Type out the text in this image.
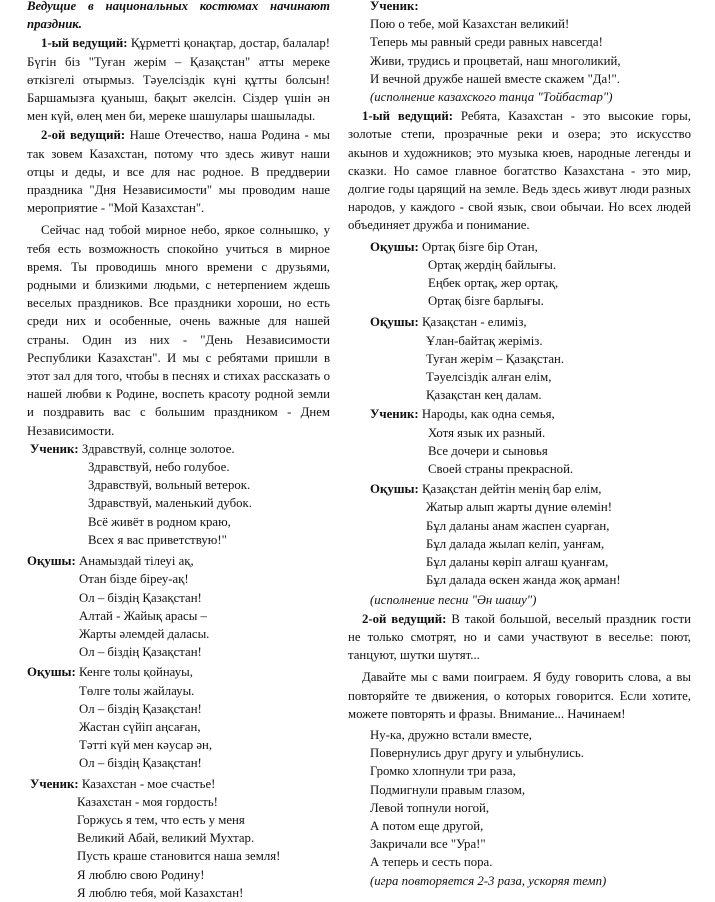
Ведущие в национальных костюмах начинают праздник.

1-ый ведущий: Құрметті қонақтар, достар, балалар! Бүгін біз "Туған жерім – Қазақстан" атты мереке өткізгелі отырмыз. Тәуелсіздік күні құтты болсын! Баршамызға қуаныш, бақыт әкелсін. Сіздер үшін ән мен күй, өлең мен би, мереке шашулары шашылады.

2-ой ведущий: Наше Отечество, наша Родина - мы так зовем Казахстан, потому что здесь живут наши отцы и деды, и все для нас родное. В преддверии праздника "Дня Независимости" мы проводим наше мероприятие - "Мой Казахстан".

Сейчас над тобой мирное небо, яркое солнышко, у тебя есть возможность спокойно учиться в мирное время. Ты проводишь много времени с друзьями, родными и близкими людьми, с нетерпением ждешь веселых праздников. Все праздники хороши, но есть среди них и особенные, очень важные для нашей страны. Один из них - "День Независимости Республики Казахстан". И мы с ребятами пришли в этот зал для того, чтобы в песнях и стихах рассказать о нашей любви к Родине, воспеть красоту родной земли и поздравить вас с большим праздником - Днем Независимости.

Ученик: Здравствуй, солнце золотое.
Здравствуй, небо голубое.
Здравствуй, вольный ветерок.
Здравствуй, маленький дубок.
Всё живёт в родном краю,
Всех я вас приветствую!"
Оқушы: Анамыздай тілеуі ақ,
Отан бізде біреу-ақ!
Ол – біздің Қазақстан!
Алтай - Жайық арасы –
Жарты әлемдей даласы.
Ол – біздің Қазақстан!
Оқушы: Кенге толы қойнауы,
Төлге толы жайлауы.
Ол – біздің Қазақстан!
Жастан сүйіп аңсаған,
Тәтті күй мен кәусар ән,
Ол – біздің Қазақстан!
Ученик: Казахстан - мое счастье!
Казахстан - моя гордость!
Горжусь я тем, что есть у меня
Великий Абай, великий Мухтар.
Пусть краше становится наша земля!
Я люблю свою Родину!
Я люблю тебя, мой Казахстан!
Ученик:
Пою о тебе, мой Казахстан великий!
Теперь мы равный среди равных навсегда!
Живи, трудись и процветай, наш многоликий,
И вечной дружбе нашей вместе скажем "Да!".
(исполнение казахского танца "Тойбастар")

1-ый ведущий: Ребята, Казахстан - это высокие горы, золотые степи, прозрачные реки и озера; это искусство акынов и художников; это музыка кюев, народные легенды и сказки. Но самое главное богатство Казахстана - это мир, долгие годы царящий на земле. Ведь здесь живут люди разных народов, у каждого - свой язык, свои обычаи. Но всех людей объединяет дружба и понимание.

Оқушы: Ортақ бізге бір Отан,
Ортақ жердің байлығы.
Еңбек ортақ, жер ортақ,
Ортақ бізге барлығы.
Оқушы: Қазақстан - елиміз,
Ұлан-байтақ жеріміз.
Туған жерім – Қазақстан.
Тәуелсіздік алған елім,
Қазақстан кең далам.
Ученик: Народы, как одна семья,
Хотя язык их разный.
Все дочери и сыновья
Своей страны прекрасной.
Оқушы: Қазақстан дейтін менің бар елім,
Жатыр алып жарты дүние өлемін!
Бұл даланы анам жаспен суарған,
Бұл далада жылап келіп, уанғам,
Бұл даланы көріп алғаш қуанғам,
Бұл далада өскен жанда жоқ арман!
(исполнение песни "Ән шашу")

2-ой ведущий: В такой большой, веселый праздник гости не только смотрят, но и сами участвуют в веселье: поют, танцуют, шутки шутят...

Давайте мы с вами поиграем. Я буду говорить слова, а вы повторяйте те движения, о которых говорится. Если хотите, можете повторять и фразы. Внимание... Начинаем!

Ну-ка, дружно встали вместе,
Повернулись друг другу и улыбнулись.
Громко хлопнули три раза,
Подмигнули правым глазом,
Левой топнули ногой,
А потом еще другой,
Закричали все "Ура!"
А теперь и сесть пора.
(игра повторяется 2-3 раза, ускоряя темп)
